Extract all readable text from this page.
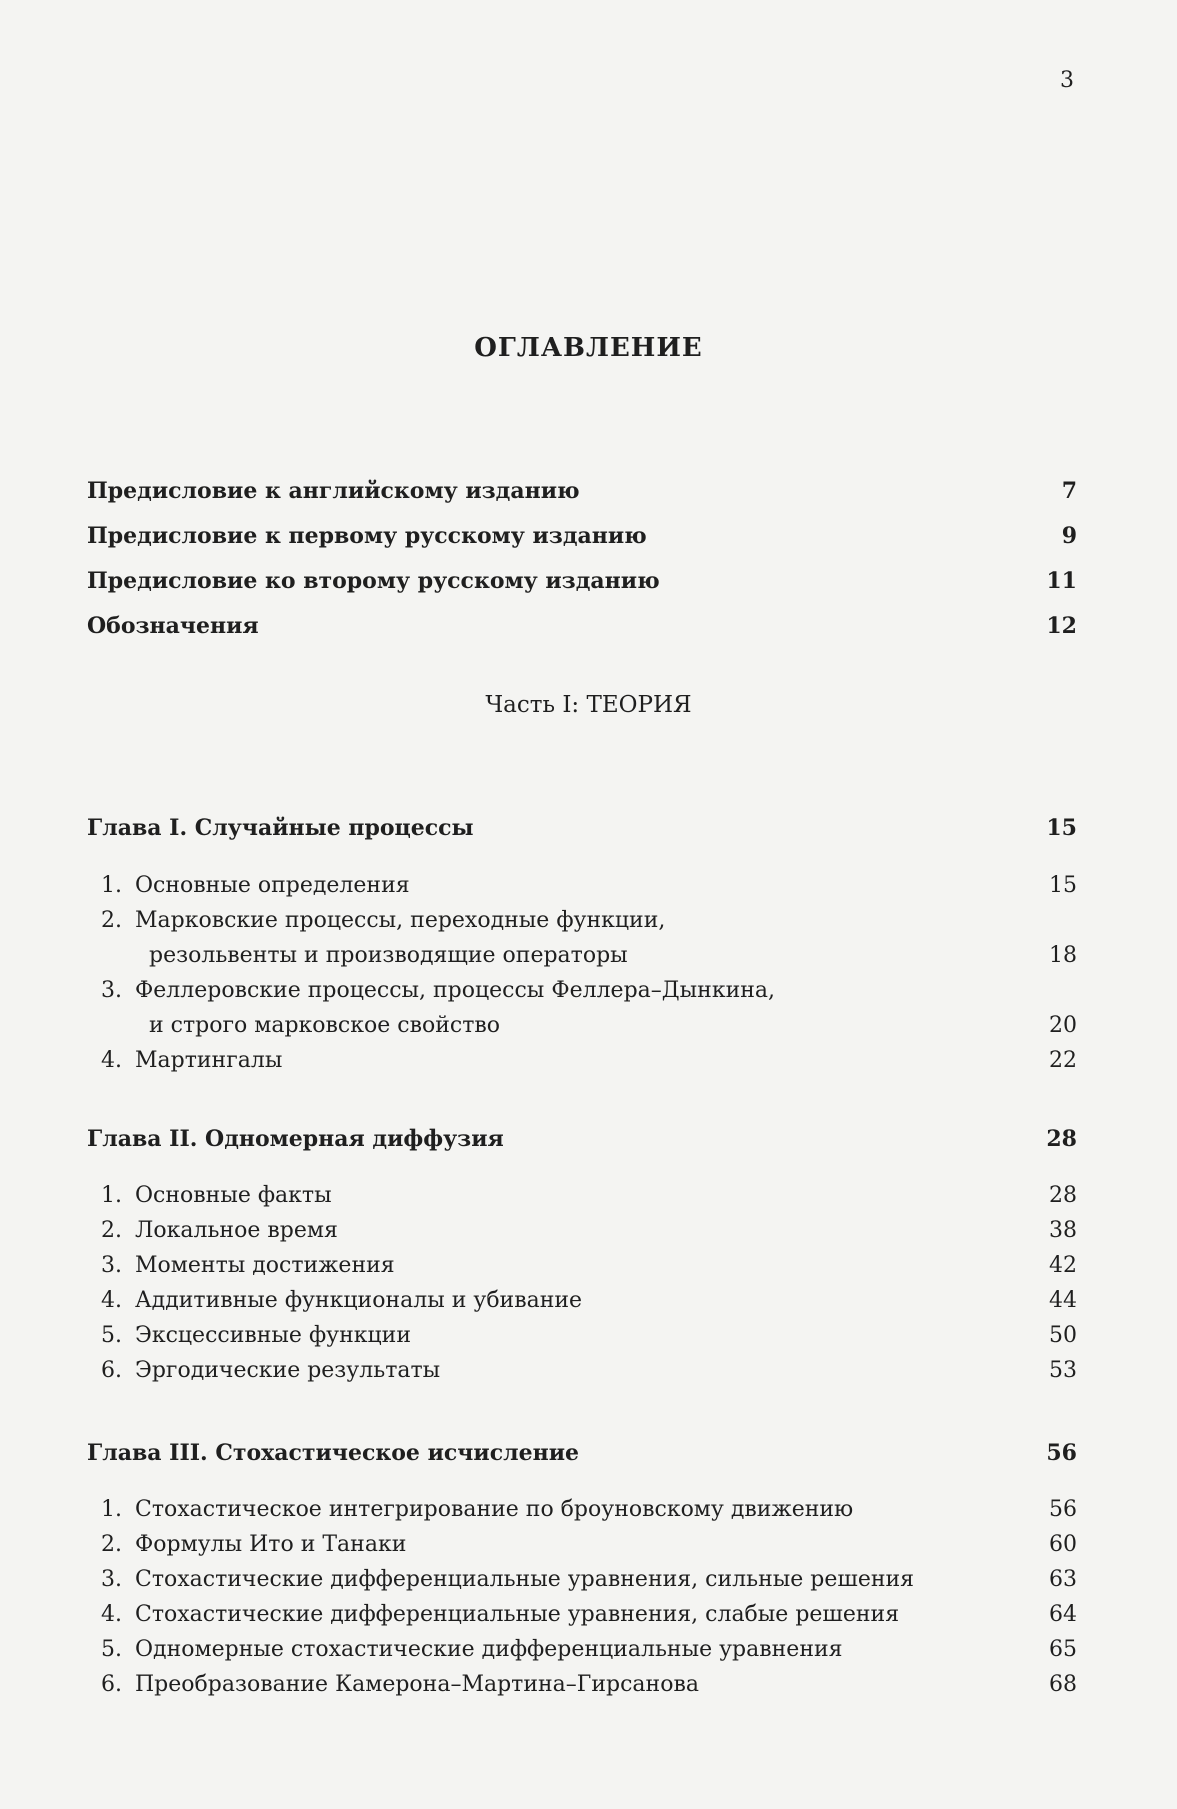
3
ОГЛАВЛЕНИЕ
Предисловие к английскому изданию	7
Предисловие к первому русскому изданию	9
Предисловие ко второму русскому изданию	11
Обозначения	12
Часть I: ТЕОРИЯ
Глава I. Случайные процессы	15
1. Основные определения	15
2. Марковские процессы, переходные функции,
резольвенты и производящие операторы	18
3. Феллеровские процессы, процессы Феллера–Дынкина,
и строго марковское свойство	20
4. Мартингалы	22
Глава II. Одномерная диффузия	28
1. Основные факты	28
2. Локальное время	38
3. Моменты достижения	42
4. Аддитивные функционалы и убивание	44
5. Эксцессивные функции	50
6. Эргодические результаты	53
Глава III. Стохастическое исчисление	56
1. Стохастическое интегрирование по броуновскому движению	56
2. Формулы Ито и Танаки	60
3. Стохастические дифференциальные уравнения, сильные решения	63
4. Стохастические дифференциальные уравнения, слабые решения	64
5. Одномерные стохастические дифференциальные уравнения	65
6. Преобразование Камерона–Мартина–Гирсанова	68
